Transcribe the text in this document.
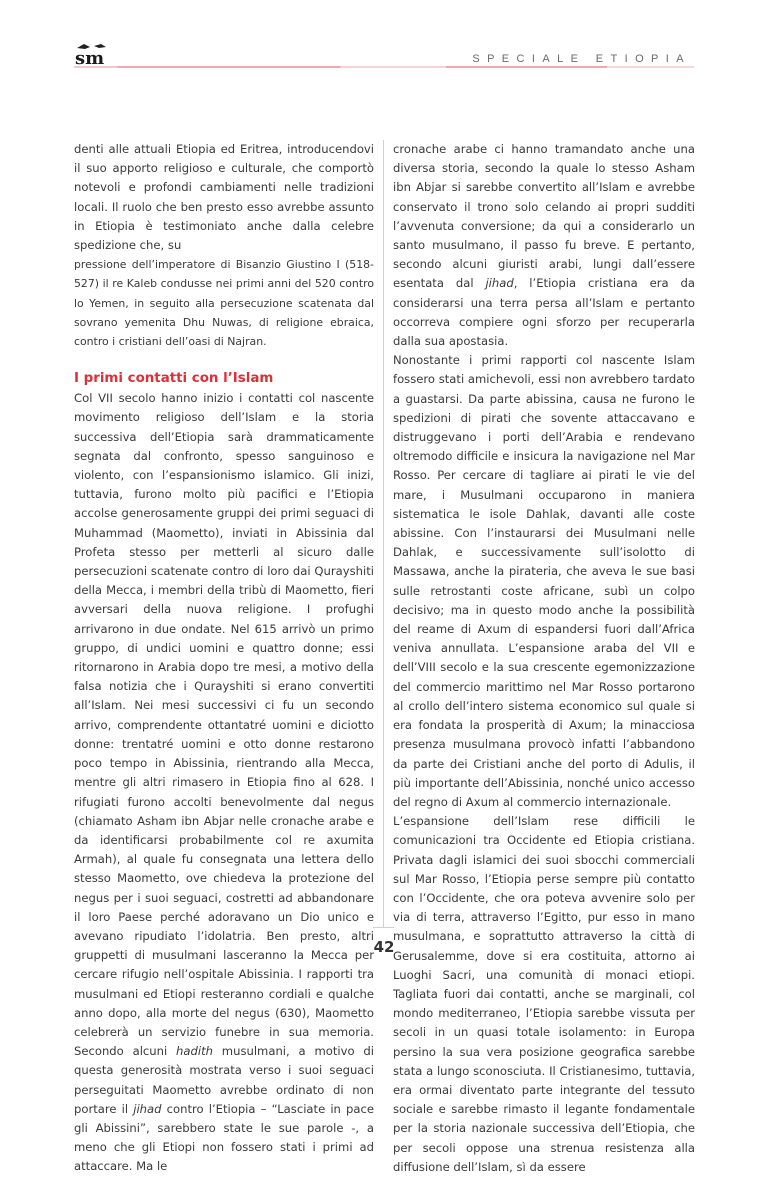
sm	SPECIALE ETIOPIA

denti alle attuali Etiopia ed Eritrea, introducendovi il suo apporto religioso e culturale, che comportò notevoli e profondi cambiamenti nelle tradizioni locali. Il ruolo che ben presto esso avrebbe assunto in Etiopia è testimoniato anche dalla celebre spedizione che, su

pressione dell’imperatore di Bisanzio Giustino I (518-527) il re Kaleb condusse nei primi anni del 520 contro lo Yemen, in seguito alla persecuzione scatenata dal sovrano yemenita Dhu Nuwas, di religione ebraica, contro i cristiani dell’oasi di Najran.

I primi contatti con l’Islam

Col VII secolo hanno inizio i contatti col nascente movimento religioso dell’Islam e la storia successiva dell’Etiopia sarà drammaticamente segnata dal confronto, spesso sanguinoso e violento, con l’espansionismo islamico. Gli inizi, tuttavia, furono molto più pacifici e l’Etiopia accolse generosamente gruppi dei primi seguaci di Muhammad (Maometto), inviati in Abissinia dal Profeta stesso per metterli al sicuro dalle persecuzioni scatenate contro di loro dai Qurayshiti della Mecca, i membri della tribù di Maometto, fieri avversari della nuova religione. I profughi arrivarono in due ondate. Nel 615 arrivò un primo gruppo, di undici uomini e quattro donne; essi ritornarono in Arabia dopo tre mesi, a motivo della falsa notizia che i Qurayshiti si erano convertiti all’Islam. Nei mesi successivi ci fu un secondo arrivo, comprendente ottantatré uomini e diciotto donne: trentatré uomini e otto donne restarono poco tempo in Abissinia, rientrando alla Mecca, mentre gli altri rimasero in Etiopia fino al 628. I rifugiati furono accolti benevolmente dal negus (chiamato Asham ibn Abjar nelle cronache arabe e da identificarsi probabilmente col re axumita Armah), al quale fu consegnata una lettera dello stesso Maometto, ove chiedeva la protezione del negus per i suoi seguaci, costretti ad abbandonare il loro Paese perché adoravano un Dio unico e avevano ripudiato l’idolatria. Ben presto, altri gruppetti di musulmani lasceranno la Mecca per cercare rifugio nell’ospitale Abissinia. I rapporti tra musulmani ed Etiopi resteranno cordiali e qualche anno dopo, alla morte del negus (630), Maometto celebrerà un servizio funebre in sua memoria. Secondo alcuni hadith musulmani, a motivo di questa generosità mostrata verso i suoi seguaci perseguitati Maometto avrebbe ordinato di non portare il jihad contro l’Etiopia – “Lasciate in pace gli Abissini”, sarebbero state le sue parole -, a meno che gli Etiopi non fossero stati i primi ad attaccare. Ma le

cronache arabe ci hanno tramandato anche una diversa storia, secondo la quale lo stesso Asham ibn Abjar si sarebbe convertito all’Islam e avrebbe conservato il trono solo celando ai propri sudditi l’avvenuta conversione; da qui a considerarlo un santo musulmano, il passo fu breve. E pertanto, secondo alcuni giuristi arabi, lungi dall’essere esentata dal jihad, l’Etiopia cristiana era da considerarsi una terra persa all’Islam e pertanto occorreva compiere ogni sforzo per recuperarla dalla sua apostasia.

Nonostante i primi rapporti col nascente Islam fossero stati amichevoli, essi non avrebbero tardato a guastarsi. Da parte abissina, causa ne furono le spedizioni di pirati che sovente attaccavano e distruggevano i porti dell’Arabia e rendevano oltremodo difficile e insicura la navigazione nel Mar Rosso. Per cercare di tagliare ai pirati le vie del mare, i Musulmani occuparono in maniera sistematica le isole Dahlak, davanti alle coste abissine. Con l’instaurarsi dei Musulmani nelle Dahlak, e successivamente sull’isolotto di Massawa, anche la pirateria, che aveva le sue basi sulle retrostanti coste africane, subì un colpo decisivo; ma in questo modo anche la possibilità del reame di Axum di espandersi fuori dall’Africa veniva annullata. L’espansione araba del VII e dell’VIII secolo e la sua crescente egemonizzazione del commercio marittimo nel Mar Rosso portarono al crollo dell’intero sistema economico sul quale si era fondata la prosperità di Axum; la minacciosa presenza musulmana provocò infatti l’abbandono da parte dei Cristiani anche del porto di Adulis, il più importante dell’Abissinia, nonché unico accesso del regno di Axum al commercio internazionale.

L’espansione dell’Islam rese difficili le comunicazioni tra Occidente ed Etiopia cristiana. Privata dagli islamici dei suoi sbocchi commerciali sul Mar Rosso, l’Etiopia perse sempre più contatto con l’Occidente, che ora poteva avvenire solo per via di terra, attraverso l’Egitto, pur esso in mano musulmana, e soprattutto attraverso la città di Gerusalemme, dove si era costituita, attorno ai Luoghi Sacri, una comunità di monaci etiopi. Tagliata fuori dai contatti, anche se marginali, col mondo mediterraneo, l’Etiopia sarebbe vissuta per secoli in un quasi totale isolamento: in Europa persino la sua vera posizione geografica sarebbe stata a lungo sconosciuta. Il Cristianesimo, tuttavia, era ormai diventato parte integrante del tessuto sociale e sarebbe rimasto il legante fondamentale per la storia nazionale successiva dell’Etiopia, che per secoli oppose una strenua resistenza alla diffusione dell’Islam, sì da essere

42
